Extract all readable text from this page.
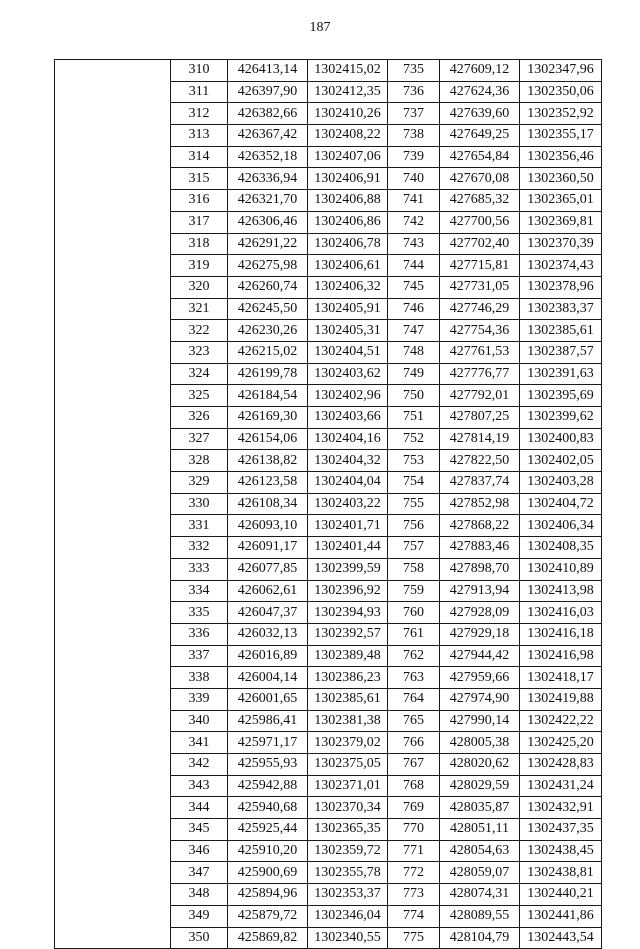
187
	310	426413,14	1302415,02	735	427609,12	1302347,96
	311	426397,90	1302412,35	736	427624,36	1302350,06
	312	426382,66	1302410,26	737	427639,60	1302352,92
	313	426367,42	1302408,22	738	427649,25	1302355,17
	314	426352,18	1302407,06	739	427654,84	1302356,46
	315	426336,94	1302406,91	740	427670,08	1302360,50
	316	426321,70	1302406,88	741	427685,32	1302365,01
	317	426306,46	1302406,86	742	427700,56	1302369,81
	318	426291,22	1302406,78	743	427702,40	1302370,39
	319	426275,98	1302406,61	744	427715,81	1302374,43
	320	426260,74	1302406,32	745	427731,05	1302378,96
	321	426245,50	1302405,91	746	427746,29	1302383,37
	322	426230,26	1302405,31	747	427754,36	1302385,61
	323	426215,02	1302404,51	748	427761,53	1302387,57
	324	426199,78	1302403,62	749	427776,77	1302391,63
	325	426184,54	1302402,96	750	427792,01	1302395,69
	326	426169,30	1302403,66	751	427807,25	1302399,62
	327	426154,06	1302404,16	752	427814,19	1302400,83
	328	426138,82	1302404,32	753	427822,50	1302402,05
	329	426123,58	1302404,04	754	427837,74	1302403,28
	330	426108,34	1302403,22	755	427852,98	1302404,72
	331	426093,10	1302401,71	756	427868,22	1302406,34
	332	426091,17	1302401,44	757	427883,46	1302408,35
	333	426077,85	1302399,59	758	427898,70	1302410,89
	334	426062,61	1302396,92	759	427913,94	1302413,98
	335	426047,37	1302394,93	760	427928,09	1302416,03
	336	426032,13	1302392,57	761	427929,18	1302416,18
	337	426016,89	1302389,48	762	427944,42	1302416,98
	338	426004,14	1302386,23	763	427959,66	1302418,17
	339	426001,65	1302385,61	764	427974,90	1302419,88
	340	425986,41	1302381,38	765	427990,14	1302422,22
	341	425971,17	1302379,02	766	428005,38	1302425,20
	342	425955,93	1302375,05	767	428020,62	1302428,83
	343	425942,88	1302371,01	768	428029,59	1302431,24
	344	425940,68	1302370,34	769	428035,87	1302432,91
	345	425925,44	1302365,35	770	428051,11	1302437,35
	346	425910,20	1302359,72	771	428054,63	1302438,45
	347	425900,69	1302355,78	772	428059,07	1302438,81
	348	425894,96	1302353,37	773	428074,31	1302440,21
	349	425879,72	1302346,04	774	428089,55	1302441,86
	350	425869,82	1302340,55	775	428104,79	1302443,54
